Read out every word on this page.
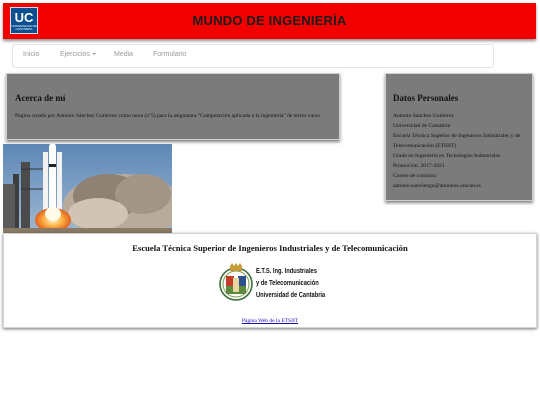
UC
UNIVERSIDAD DE CANTABRIA
MUNDO DE INGENIERÍA
Inicio	Ejercicios	Media	Formulario
Acerca de mí

Página creada por Antonio Sánchez Gutiérrez como tarea (nº5) para la asignatura "Computación aplicada a la ingeniería" de tercer curso

Datos Personales

Antonio Sánchez Gutiérrez

Universidad de Cantabria

Escuela Técnica Superior de Ingenieros Industriales y de Telecomunicación (ETSIIT)

Grado en Ingeniería en Tecnologías Industriales

Promoción: 2017-2021

Correo de contacto:

antonio.sanchezgu@alumnos.unican.es

Escuela Técnica Superior de Ingenieros Industriales y de Telecomunicación
E.T.S. Ing. Industriales
y de Telecomunicación
Universidad de Cantabria
Página Web de la ETSIIT
